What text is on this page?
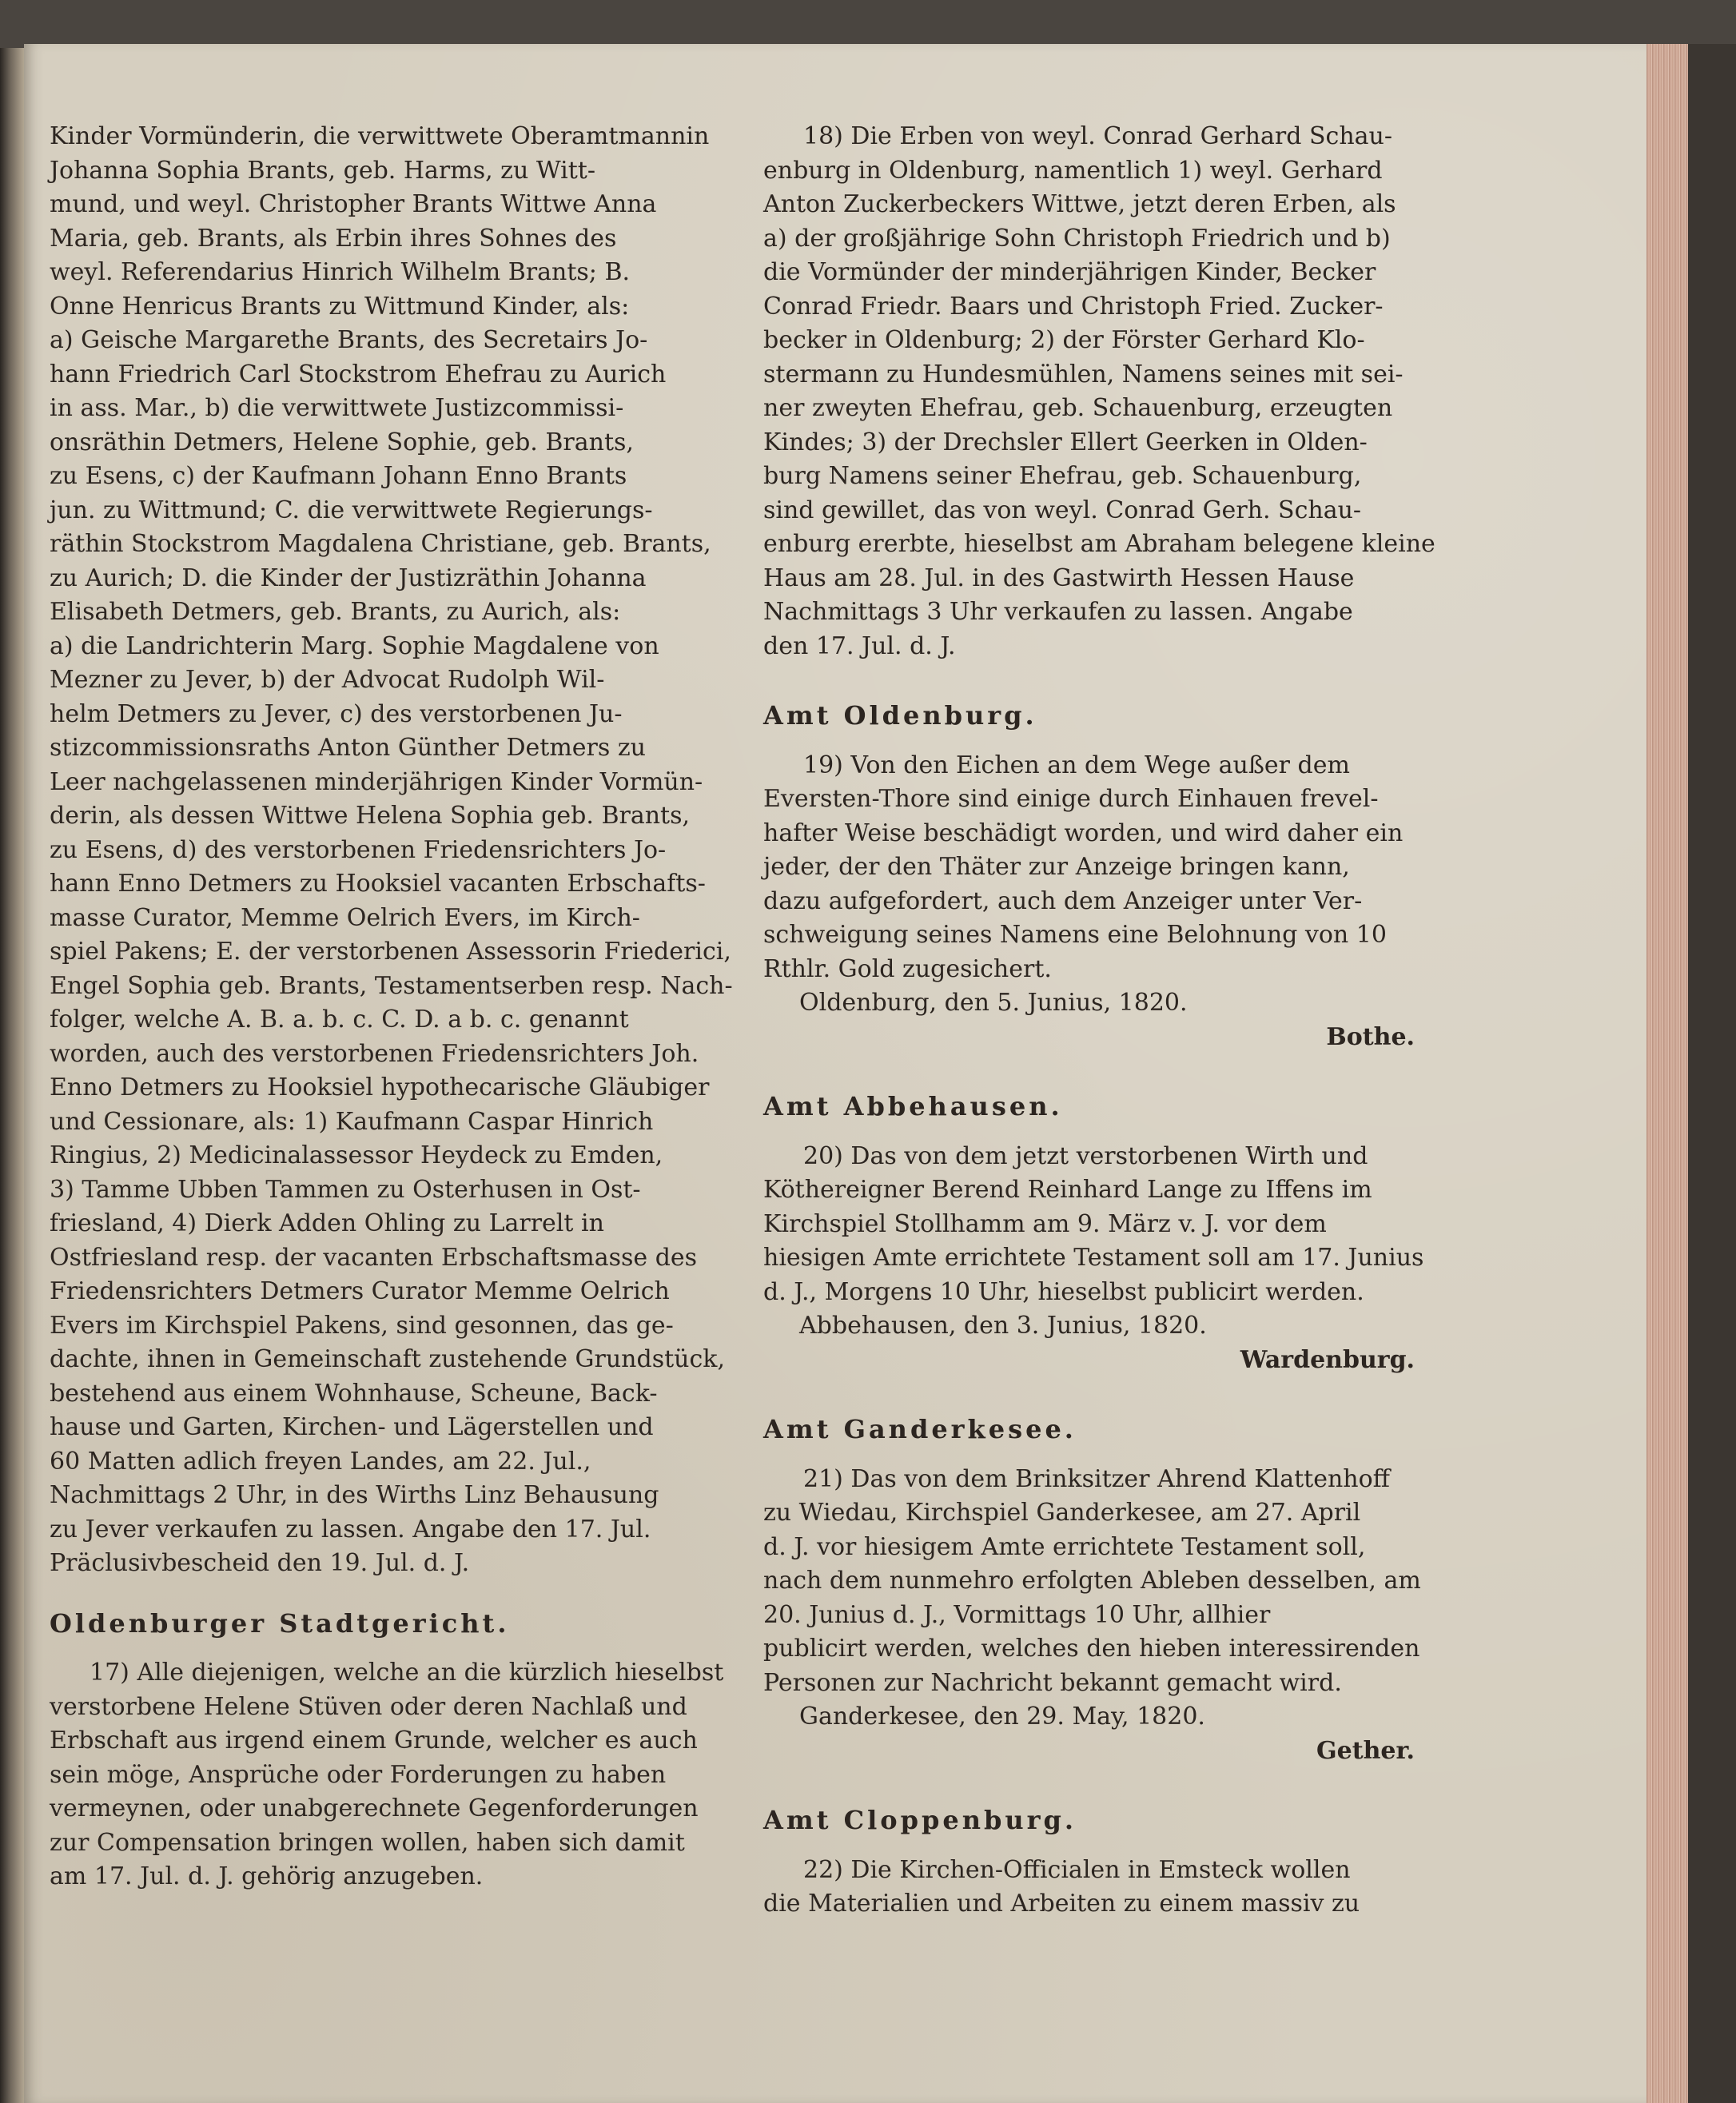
Kinder Vormünderin, die verwittwete Oberamtmannin
Johanna Sophia Brants, geb. Harms, zu Witt-
mund, und weyl. Christopher Brants Wittwe Anna
Maria, geb. Brants, als Erbin ihres Sohnes des
weyl. Referendarius Hinrich Wilhelm Brants; B.
Onne Henricus Brants zu Wittmund Kinder, als:
a) Geische Margarethe Brants, des Secretairs Jo-
hann Friedrich Carl Stockstrom Ehefrau zu Aurich
in ass. Mar., b) die verwittwete Justizcommissi-
onsräthin Detmers, Helene Sophie, geb. Brants,
zu Esens, c) der Kaufmann Johann Enno Brants
jun. zu Wittmund; C. die verwittwete Regierungs-
räthin Stockstrom Magdalena Christiane, geb. Brants,
zu Aurich; D. die Kinder der Justizräthin Johanna
Elisabeth Detmers, geb. Brants, zu Aurich, als:
a) die Landrichterin Marg. Sophie Magdalene von
Mezner zu Jever, b) der Advocat Rudolph Wil-
helm Detmers zu Jever, c) des verstorbenen Ju-
stizcommissionsraths Anton Günther Detmers zu
Leer nachgelassenen minderjährigen Kinder Vormün-
derin, als dessen Wittwe Helena Sophia geb. Brants,
zu Esens, d) des verstorbenen Friedensrichters Jo-
hann Enno Detmers zu Hooksiel vacanten Erbschafts-
masse Curator, Memme Oelrich Evers, im Kirch-
spiel Pakens; E. der verstorbenen Assessorin Friederici,
Engel Sophia geb. Brants, Testamentserben resp. Nach-
folger, welche A. B. a. b. c. C. D. a b. c. genannt
worden, auch des verstorbenen Friedensrichters Joh.
Enno Detmers zu Hooksiel hypothecarische Gläubiger
und Cessionare, als: 1) Kaufmann Caspar Hinrich
Ringius, 2) Medicinalassessor Heydeck zu Emden,
3) Tamme Ubben Tammen zu Osterhusen in Ost-
friesland, 4) Dierk Adden Ohling zu Larrelt in
Ostfriesland resp. der vacanten Erbschaftsmasse des
Friedensrichters Detmers Curator Memme Oelrich
Evers im Kirchspiel Pakens, sind gesonnen, das ge-
dachte, ihnen in Gemeinschaft zustehende Grundstück,
bestehend aus einem Wohnhause, Scheune, Back-
hause und Garten, Kirchen- und Lägerstellen und
60 Matten adlich freyen Landes, am 22. Jul.,
Nachmittags 2 Uhr, in des Wirths Linz Behausung
zu Jever verkaufen zu lassen. Angabe den 17. Jul.
Präclusivbescheid den 19. Jul. d. J.
Oldenburger Stadtgericht.
17) Alle diejenigen, welche an die kürzlich hieselbst
verstorbene Helene Stüven oder deren Nachlaß und
Erbschaft aus irgend einem Grunde, welcher es auch
sein möge, Ansprüche oder Forderungen zu haben
vermeynen, oder unabgerechnete Gegenforderungen
zur Compensation bringen wollen, haben sich damit
am 17. Jul. d. J. gehörig anzugeben.
18) Die Erben von weyl. Conrad Gerhard Schau-
enburg in Oldenburg, namentlich 1) weyl. Gerhard
Anton Zuckerbeckers Wittwe, jetzt deren Erben, als
a) der großjährige Sohn Christoph Friedrich und b)
die Vormünder der minderjährigen Kinder, Becker
Conrad Friedr. Baars und Christoph Fried. Zucker-
becker in Oldenburg; 2) der Förster Gerhard Klo-
stermann zu Hundesmühlen, Namens seines mit sei-
ner zweyten Ehefrau, geb. Schauenburg, erzeugten
Kindes; 3) der Drechsler Ellert Geerken in Olden-
burg Namens seiner Ehefrau, geb. Schauenburg,
sind gewillet, das von weyl. Conrad Gerh. Schau-
enburg ererbte, hieselbst am Abraham belegene kleine
Haus am 28. Jul. in des Gastwirth Hessen Hause
Nachmittags 3 Uhr verkaufen zu lassen. Angabe
den 17. Jul. d. J.
Amt Oldenburg.
19) Von den Eichen an dem Wege außer dem
Eversten-Thore sind einige durch Einhauen frevel-
hafter Weise beschädigt worden, und wird daher ein
jeder, der den Thäter zur Anzeige bringen kann,
dazu aufgefordert, auch dem Anzeiger unter Ver-
schweigung seines Namens eine Belohnung von 10
Rthlr. Gold zugesichert.
Oldenburg, den 5. Junius, 1820.
Bothe.
Amt Abbehausen.
20) Das von dem jetzt verstorbenen Wirth und
Köthereigner Berend Reinhard Lange zu Iffens im
Kirchspiel Stollhamm am 9. März v. J. vor dem
hiesigen Amte errichtete Testament soll am 17. Junius
d. J., Morgens 10 Uhr, hieselbst publicirt werden.
Abbehausen, den 3. Junius, 1820.
Wardenburg.
Amt Ganderkesee.
21) Das von dem Brinksitzer Ahrend Klattenhoff
zu Wiedau, Kirchspiel Ganderkesee, am 27. April
d. J. vor hiesigem Amte errichtete Testament soll,
nach dem nunmehro erfolgten Ableben desselben, am
20. Junius d. J., Vormittags 10 Uhr, allhier
publicirt werden, welches den hieben interessirenden
Personen zur Nachricht bekannt gemacht wird.
Ganderkesee, den 29. May, 1820.
Gether.
Amt Cloppenburg.
22) Die Kirchen-Officialen in Emsteck wollen
die Materialien und Arbeiten zu einem massiv zu
